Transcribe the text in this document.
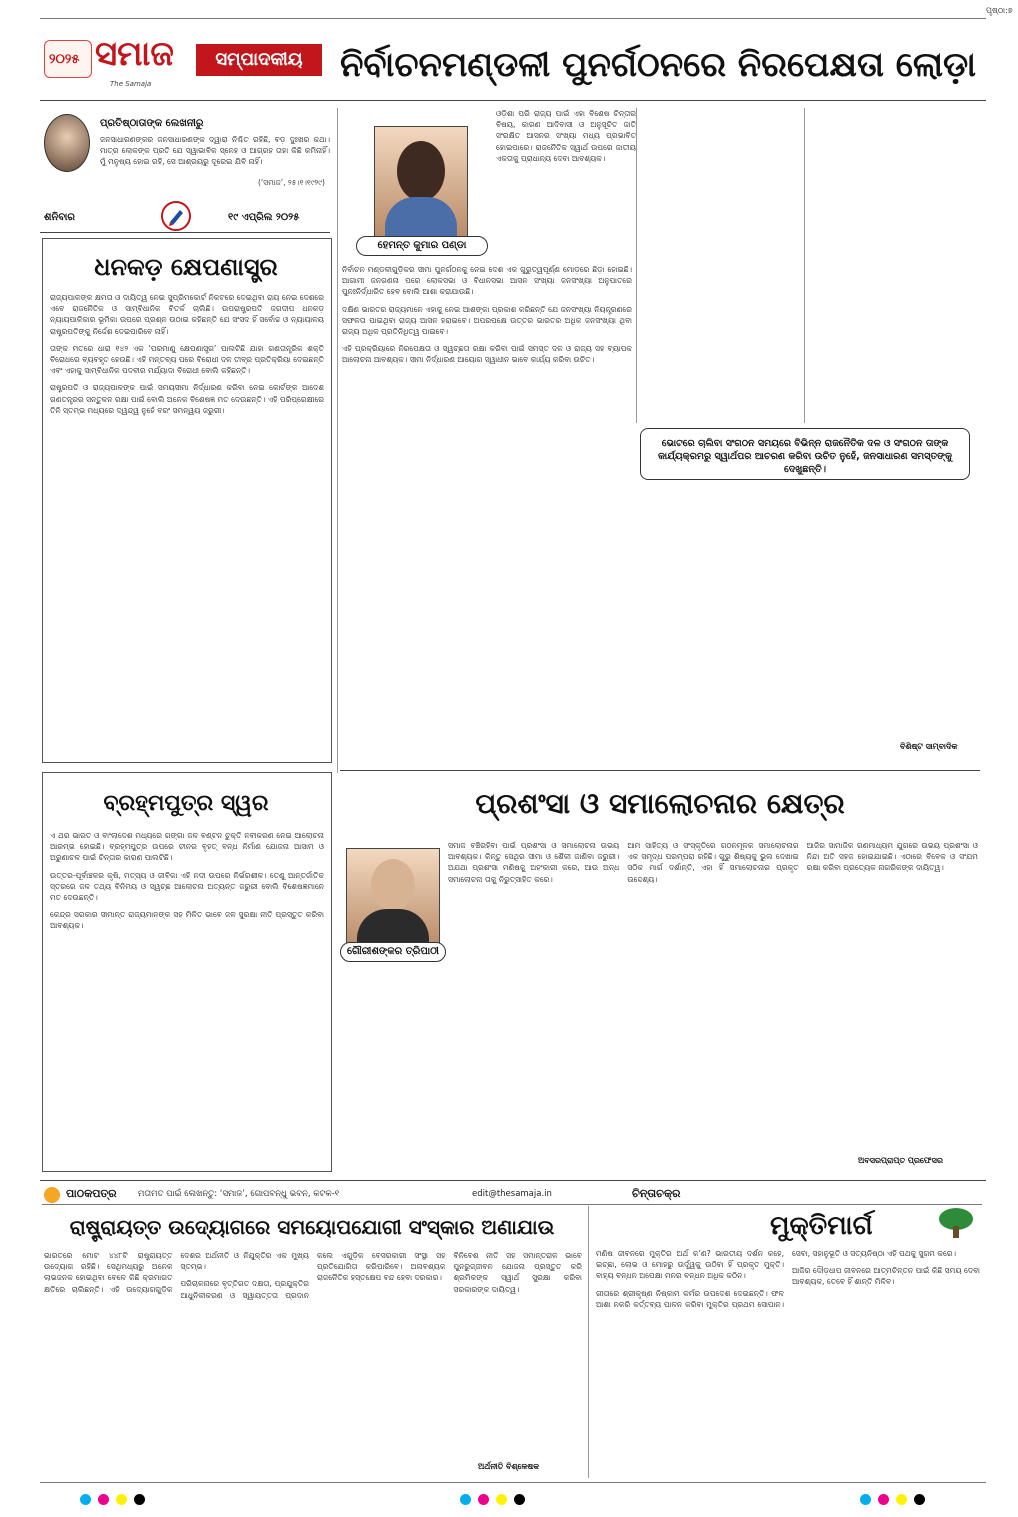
ପୃଷ୍ଠା:୭
୨୦୨୫ ସମାଜ
The Samaja
ସମ୍ପାଦକୀୟ	ନିର୍ବାଚନମଣ୍ଡଳୀ ପୁନର୍ଗଠନରେ ନିରପେକ୍ଷତା ଲୋଡ଼ା
ପ୍ରତିଷ୍ଠାତାଙ୍କ ଲେଖନୀରୁ
ଜନସାଧାରଣଙ୍କର ଜନସାଧାରଣଙ୍କ ଦ୍ୱାରା ନିଶ୍ଚିତ ରହିଛି, ବଡ଼ ଦୁଃଖର କଥା। ମାତ୍ର ଲୋକଙ୍କ ପ୍ରତି ଯେ ସ୍ୱାଭାବିକ ସ୍ନେହ ଓ ଆଗ୍ରହ ତାହା କିଛି କମିନାହିଁ। ମୁଁ ମନୁଷ୍ୟ ହୋଇ ରହି, ସେ ଆଶ୍ରୟରୁ ଦୂରେଇ ଯିବି ନାହିଁ।
(‘ସମାଜ’, ୨୫।୧।୧୯୨୯)
ଶନିବାର	୧୯ ଏପ୍ରିଲ ୨୦୨୫
ଧନକଡ଼ କ୍ଷେପଣାସ୍ତ୍ର

ରାଜ୍ୟପାଳଙ୍କ କ୍ଷମତା ଓ ଦାୟିତ୍ୱ ନେଇ ସୁପ୍ରିମକୋର୍ଟ ନିକଟରେ ଦେଇଥିବା ରାୟ ନେଇ ଦେଶରେ ଏବେ ରାଜନୈତିକ ଓ ସାମ୍ବିଧାନିକ ବିତର୍କ ଚାଲିଛି। ଉପରାଷ୍ଟ୍ରପତି ଜଗଦୀପ ଧନକଡ଼ ନ୍ୟାୟପାଳିକାର ଭୂମିକା ଉପରେ ପ୍ରଶ୍ନ ଉଠାଇ କହିଛନ୍ତି ଯେ ସଂସଦ ହିଁ ସର୍ବୋଚ୍ଚ ଓ ନ୍ୟାୟାଳୟ ରାଷ୍ଟ୍ରପତିଙ୍କୁ ନିର୍ଦ୍ଦେଶ ଦେଇପାରିବେ ନାହିଁ।

ତାଙ୍କ ମତରେ ଧାରା ୧୪୨ ଏକ ‘ପରମାଣୁ କ୍ଷେପଣାସ୍ତ୍ର’ ପାଲଟିଛି ଯାହା ଗଣତାନ୍ତ୍ରିକ ଶକ୍ତି ବିରୋଧରେ ବ୍ୟବହୃତ ହେଉଛି। ଏହି ମନ୍ତବ୍ୟ ପରେ ବିରୋଧୀ ଦଳ ତୀବ୍ର ପ୍ରତିକ୍ରିୟା ଦେଇଛନ୍ତି ଏବଂ ଏହାକୁ ସାମ୍ବିଧାନିକ ପଦବୀର ମର୍ଯ୍ୟାଦା ବିରୋଧୀ ବୋଲି କହିଛନ୍ତି।

ରାଷ୍ଟ୍ରପତି ଓ ରାଜ୍ୟପାଳଙ୍କ ପାଇଁ ସମୟସୀମା ନିର୍ଦ୍ଧାରଣ କରିବା ନେଇ କୋର୍ଟଙ୍କ ଆଦେଶ ଗଣତନ୍ତ୍ରର ସନ୍ତୁଳନ ରକ୍ଷା ପାଇଁ ବୋଲି ଅନେକ ବିଶେଷଜ୍ଞ ମତ ଦେଉଛନ୍ତି। ଏହି ପରିପ୍ରେକ୍ଷୀରେ ତିନି ସ୍ତମ୍ଭ ମଧ୍ୟରେ ଦ୍ୱନ୍ଦ୍ୱ ନୁହେଁ ବରଂ ସମନ୍ୱୟ ଜରୁରୀ।

ବ୍ରହ୍ମପୁତ୍ର ସ୍ୱର

ଏ ଥର ଭାରତ ଓ ବାଂଲାଦେଶ ମଧ୍ୟରେ ଗଙ୍ଗା ଜଳ ବଣ୍ଟନ ଚୁକ୍ତି ନବୀକରଣ ନେଇ ଆଲୋଚନା ଆରମ୍ଭ ହୋଇଛି। ବ୍ରହ୍ମପୁତ୍ର ଉପରେ ଚୀନର ବୃହତ୍ ବନ୍ଧ ନିର୍ମାଣ ଯୋଜନା ଆସାମ ଓ ଅରୁଣାଚଳ ପାଇଁ ଚିନ୍ତାର କାରଣ ପାଲଟିଛି।

ଉତ୍ତର-ପୂର୍ବାଞ୍ଚଳର କୃଷି, ମତ୍ସ୍ୟ ଓ ଜୀବିକା ଏହି ନଦୀ ଉପରେ ନିର୍ଭରଶୀଳ। ତେଣୁ ଆନ୍ତର୍ଜାତିକ ସ୍ତରରେ ଜଳ ତଥ୍ୟ ବିନିମୟ ଓ ସ୍ୱଚ୍ଛ ଆଲୋଚନା ଅତ୍ୟନ୍ତ ଜରୁରୀ ବୋଲି ବିଶେଷଜ୍ଞମାନେ ମତ ଦେଉଛନ୍ତି।

କେନ୍ଦ୍ର ସରକାର ସୀମାନ୍ତ ରାଜ୍ୟମାନଙ୍କ ସହ ମିଳିତ ଭାବେ ଜଳ ସୁରକ୍ଷା ନୀତି ପ୍ରସ୍ତୁତ କରିବା ଆବଶ୍ୟକ।

ହେମନ୍ତ କୁମାର ପଣ୍ଡା

ନିର୍ବାଚନ ମଣ୍ଡଳୀଗୁଡ଼ିକର ସୀମା ପୁନର୍ଗଠନକୁ ନେଇ ଦେଶ ଏକ ଗୁରୁତ୍ୱପୂର୍ଣ୍ଣ ମୋଡ଼ରେ ଛିଡ଼ା ହୋଇଛି। ଆଗାମୀ ଜନଗଣନା ପରେ ଲୋକସଭା ଓ ବିଧାନସଭା ଆସନ ସଂଖ୍ୟା ଜନସଂଖ୍ୟା ଅନୁପାତରେ ପୁନଃନିର୍ଦ୍ଧାରିତ ହେବ ବୋଲି ଆଶା କରାଯାଉଛି।

ଦକ୍ଷିଣ ଭାରତର ରାଜ୍ୟମାନେ ଏହାକୁ ନେଇ ଆଶଙ୍କା ପ୍ରକାଶ କରିଛନ୍ତି ଯେ ଜନସଂଖ୍ୟା ନିୟନ୍ତ୍ରଣରେ ସଫଳତା ପାଇଥିବା ରାଜ୍ୟ ଆସନ ହରାଇବେ। ଅପରପକ୍ଷେ ଉତ୍ତର ଭାରତର ଅଧିକ ଜନସଂଖ୍ୟା ଥିବା ରାଜ୍ୟ ଅଧିକ ପ୍ରତିନିଧିତ୍ୱ ପାଇବେ।

ଏହି ପ୍ରକ୍ରିୟାରେ ନିରପେକ୍ଷତା ଓ ସ୍ୱଚ୍ଛତା ରକ୍ଷା କରିବା ପାଇଁ ସମସ୍ତ ଦଳ ଓ ରାଜ୍ୟ ସହ ବ୍ୟାପକ ଆଲୋଚନା ଆବଶ୍ୟକ। ସୀମା ନିର୍ଦ୍ଧାରଣ ଆୟୋଗ ସ୍ୱାଧୀନ ଭାବେ କାର୍ଯ୍ୟ କରିବା ଉଚିତ।

ଓଡ଼ିଶା ପରି ରାଜ୍ୟ ପାଇଁ ଏହା ବିଶେଷ ଚିନ୍ତାର ବିଷୟ, କାରଣ ଆଦିବାସୀ ଓ ଅନୁସୂଚିତ ଜାତି ସଂରକ୍ଷିତ ଆସନର ସଂଖ୍ୟା ମଧ୍ୟ ପ୍ରଭାବିତ ହୋଇପାରେ। ରାଜନୈତିକ ସ୍ୱାର୍ଥ ଉପରେ ଜାତୀୟ ଏକତାକୁ ପ୍ରାଧାନ୍ୟ ଦେବା ଆବଶ୍ୟକ।

ଭୋଟରେ ଚାଲିବା ସଂଗଠନ ସମୟରେ ବିଭିନ୍ନ ରାଜନୈତିକ ଦଳ ଓ ସଂଗଠନ ତାଙ୍କ କାର୍ଯ୍ୟକ୍ରମରୁ ସ୍ୱାର୍ଥପର ଆଚରଣ କରିବା ଉଚିତ ନୁହେଁ, ଜନସାଧାରଣ ସମସ୍ତଙ୍କୁ ଦେଖୁଛନ୍ତି।
ବିଶିଷ୍ଟ ସାମ୍ବାଦିକ
ପ୍ରଶଂସା ଓ ସମାଲୋଚନାର କ୍ଷେତ୍ର
ଗୌରୀଶଙ୍କର ତ୍ରିପାଠୀ

ସମାଜ ବଞ୍ଚିରହିବା ପାଇଁ ପ୍ରଶଂସା ଓ ସମାଲୋଚନା ଉଭୟ ଆବଶ୍ୟକ। କିନ୍ତୁ ସେଥିର ସୀମା ଓ ଶୈଳୀ ଜାଣିବା ଜରୁରୀ। ଅଯଥା ପ୍ରଶଂସା ମଣିଷକୁ ଅହଂକାରୀ କରେ, ଆଉ ଅନ୍ଧ ସମାଲୋଚନା ତାକୁ ନିରୁତ୍ସାହିତ କରେ।

ଆମ ସାହିତ୍ୟ ଓ ସଂସ୍କୃତିରେ ଗଠନମୂଳକ ସମାଲୋଚନାର ଏକ ସମୃଦ୍ଧ ପରମ୍ପରା ରହିଛି। ଗୁରୁ ଶିଷ୍ୟକୁ ଭୁଲ ଦେଖାଇ ସଠିକ ମାର୍ଗ ଦର୍ଶାନ୍ତି, ଏହା ହିଁ ସମାଲୋଚନାର ପ୍ରକୃତ ଉଦ୍ଦେଶ୍ୟ।

ଆଜିର ସାମାଜିକ ଗଣମାଧ୍ୟମ ଯୁଗରେ ଉଭୟ ପ୍ରଶଂସା ଓ ନିନ୍ଦା ଅତି ସହଜ ହୋଇଯାଇଛି। ଏଠାରେ ବିବେକ ଓ ସଂଯମ ରକ୍ଷା କରିବା ପ୍ରତ୍ୟେକ ନାଗରିକଙ୍କ ଦାୟିତ୍ୱ।

ଅବସରପ୍ରାପ୍ତ ପ୍ରଫେସର
ପାଠକପତ୍ର	ମତାମତ ପାଇଁ ଲେଖନ୍ତୁ: ‘ସମାଜ’, ଗୋପବନ୍ଧୁ ଭବନ, କଟକ-୧	edit@thesamaja.in	ଚିନ୍ତାଚକ୍ର
ରାଷ୍ଟ୍ରାୟତ୍ତ ଉଦ୍ୟୋଗରେ ସମୟୋପଯୋଗୀ ସଂସ୍କାର ଅଣାଯାଉ

ଭାରତରେ ମୋଟ ୪୪୮ଟି ରାଷ୍ଟ୍ରାୟତ୍ତ ଉଦ୍ୟୋଗ ରହିଛି। ସେଥିମଧ୍ୟରୁ ଅନେକ ଲାଭଜନକ ହୋଇଥିବା ବେଳେ କିଛି କ୍ରମାଗତ କ୍ଷତିରେ ଚାଲିଛନ୍ତି। ଏହି ଉଦ୍ୟୋଗଗୁଡ଼ିକ ଦେଶର ଅର୍ଥନୀତି ଓ ନିଯୁକ୍ତିର ଏକ ମୁଖ୍ୟ ସ୍ତମ୍ଭ।

ପରିଚାଳନାରେ ବୃତ୍ତିଗତ ଦକ୍ଷତା, ପ୍ରଯୁକ୍ତିର ଆଧୁନିକୀକରଣ ଓ ସ୍ୱାୟତ୍ତତା ପ୍ରଦାନ କଲେ ଏଗୁଡ଼ିକ ବେସରକାରୀ ସଂସ୍ଥା ସହ ପ୍ରତିଯୋଗିତା କରିପାରିବେ। ଅନାବଶ୍ୟକ ରାଜନୈତିକ ହସ୍ତକ୍ଷେପ ବନ୍ଦ ହେବା ଦରକାର।

ବିନିବେଶ ନୀତି ସହ ସମାନ୍ତରାଳ ଭାବେ ପୁନରୁଜ୍ଜୀବନ ଯୋଜନା ପ୍ରସ୍ତୁତ କରି ଶ୍ରମିକଙ୍କ ସ୍ୱାର୍ଥ ସୁରକ୍ଷା କରିବା ସରକାରଙ୍କ ଦାୟିତ୍ୱ।

ଅର୍ଥନୀତି ବିଶ୍ଳେଷକ
ମୁକ୍ତିମାର୍ଗ

ମଣିଷ ଜୀବନରେ ମୁକ୍ତିର ଅର୍ଥ କ’ଣ? ଭାରତୀୟ ଦର୍ଶନ କହେ, ଇଚ୍ଛା, ଲୋଭ ଓ ମୋହରୁ ଉର୍ଦ୍ଧ୍ୱକୁ ଉଠିବା ହିଁ ପ୍ରକୃତ ମୁକ୍ତି। ବାହ୍ୟ ବନ୍ଧନ ଅପେକ୍ଷା ମନର ବନ୍ଧନ ଅଧିକ କଠିନ।

ଗୀତାରେ ଶ୍ରୀକୃଷ୍ଣ ନିଷ୍କାମ କର୍ମର ଉପଦେଶ ଦେଇଛନ୍ତି। ଫଳ ଆଶା ନକରି କର୍ତ୍ତବ୍ୟ ପାଳନ କରିବା ମୁକ୍ତିର ପ୍ରଥମ ସୋପାନ। ସେବା, ସହାନୁଭୂତି ଓ ସତ୍ୟନିଷ୍ଠା ଏହି ପଥକୁ ସୁଗମ କରେ।

ଆଜିର ଦୌଡ଼ଧାପ ଜୀବନରେ ଆତ୍ମଚିନ୍ତନ ପାଇଁ କିଛି ସମୟ ଦେବା ଆବଶ୍ୟକ, ତେବେ ହିଁ ଶାନ୍ତି ମିଳିବ।
